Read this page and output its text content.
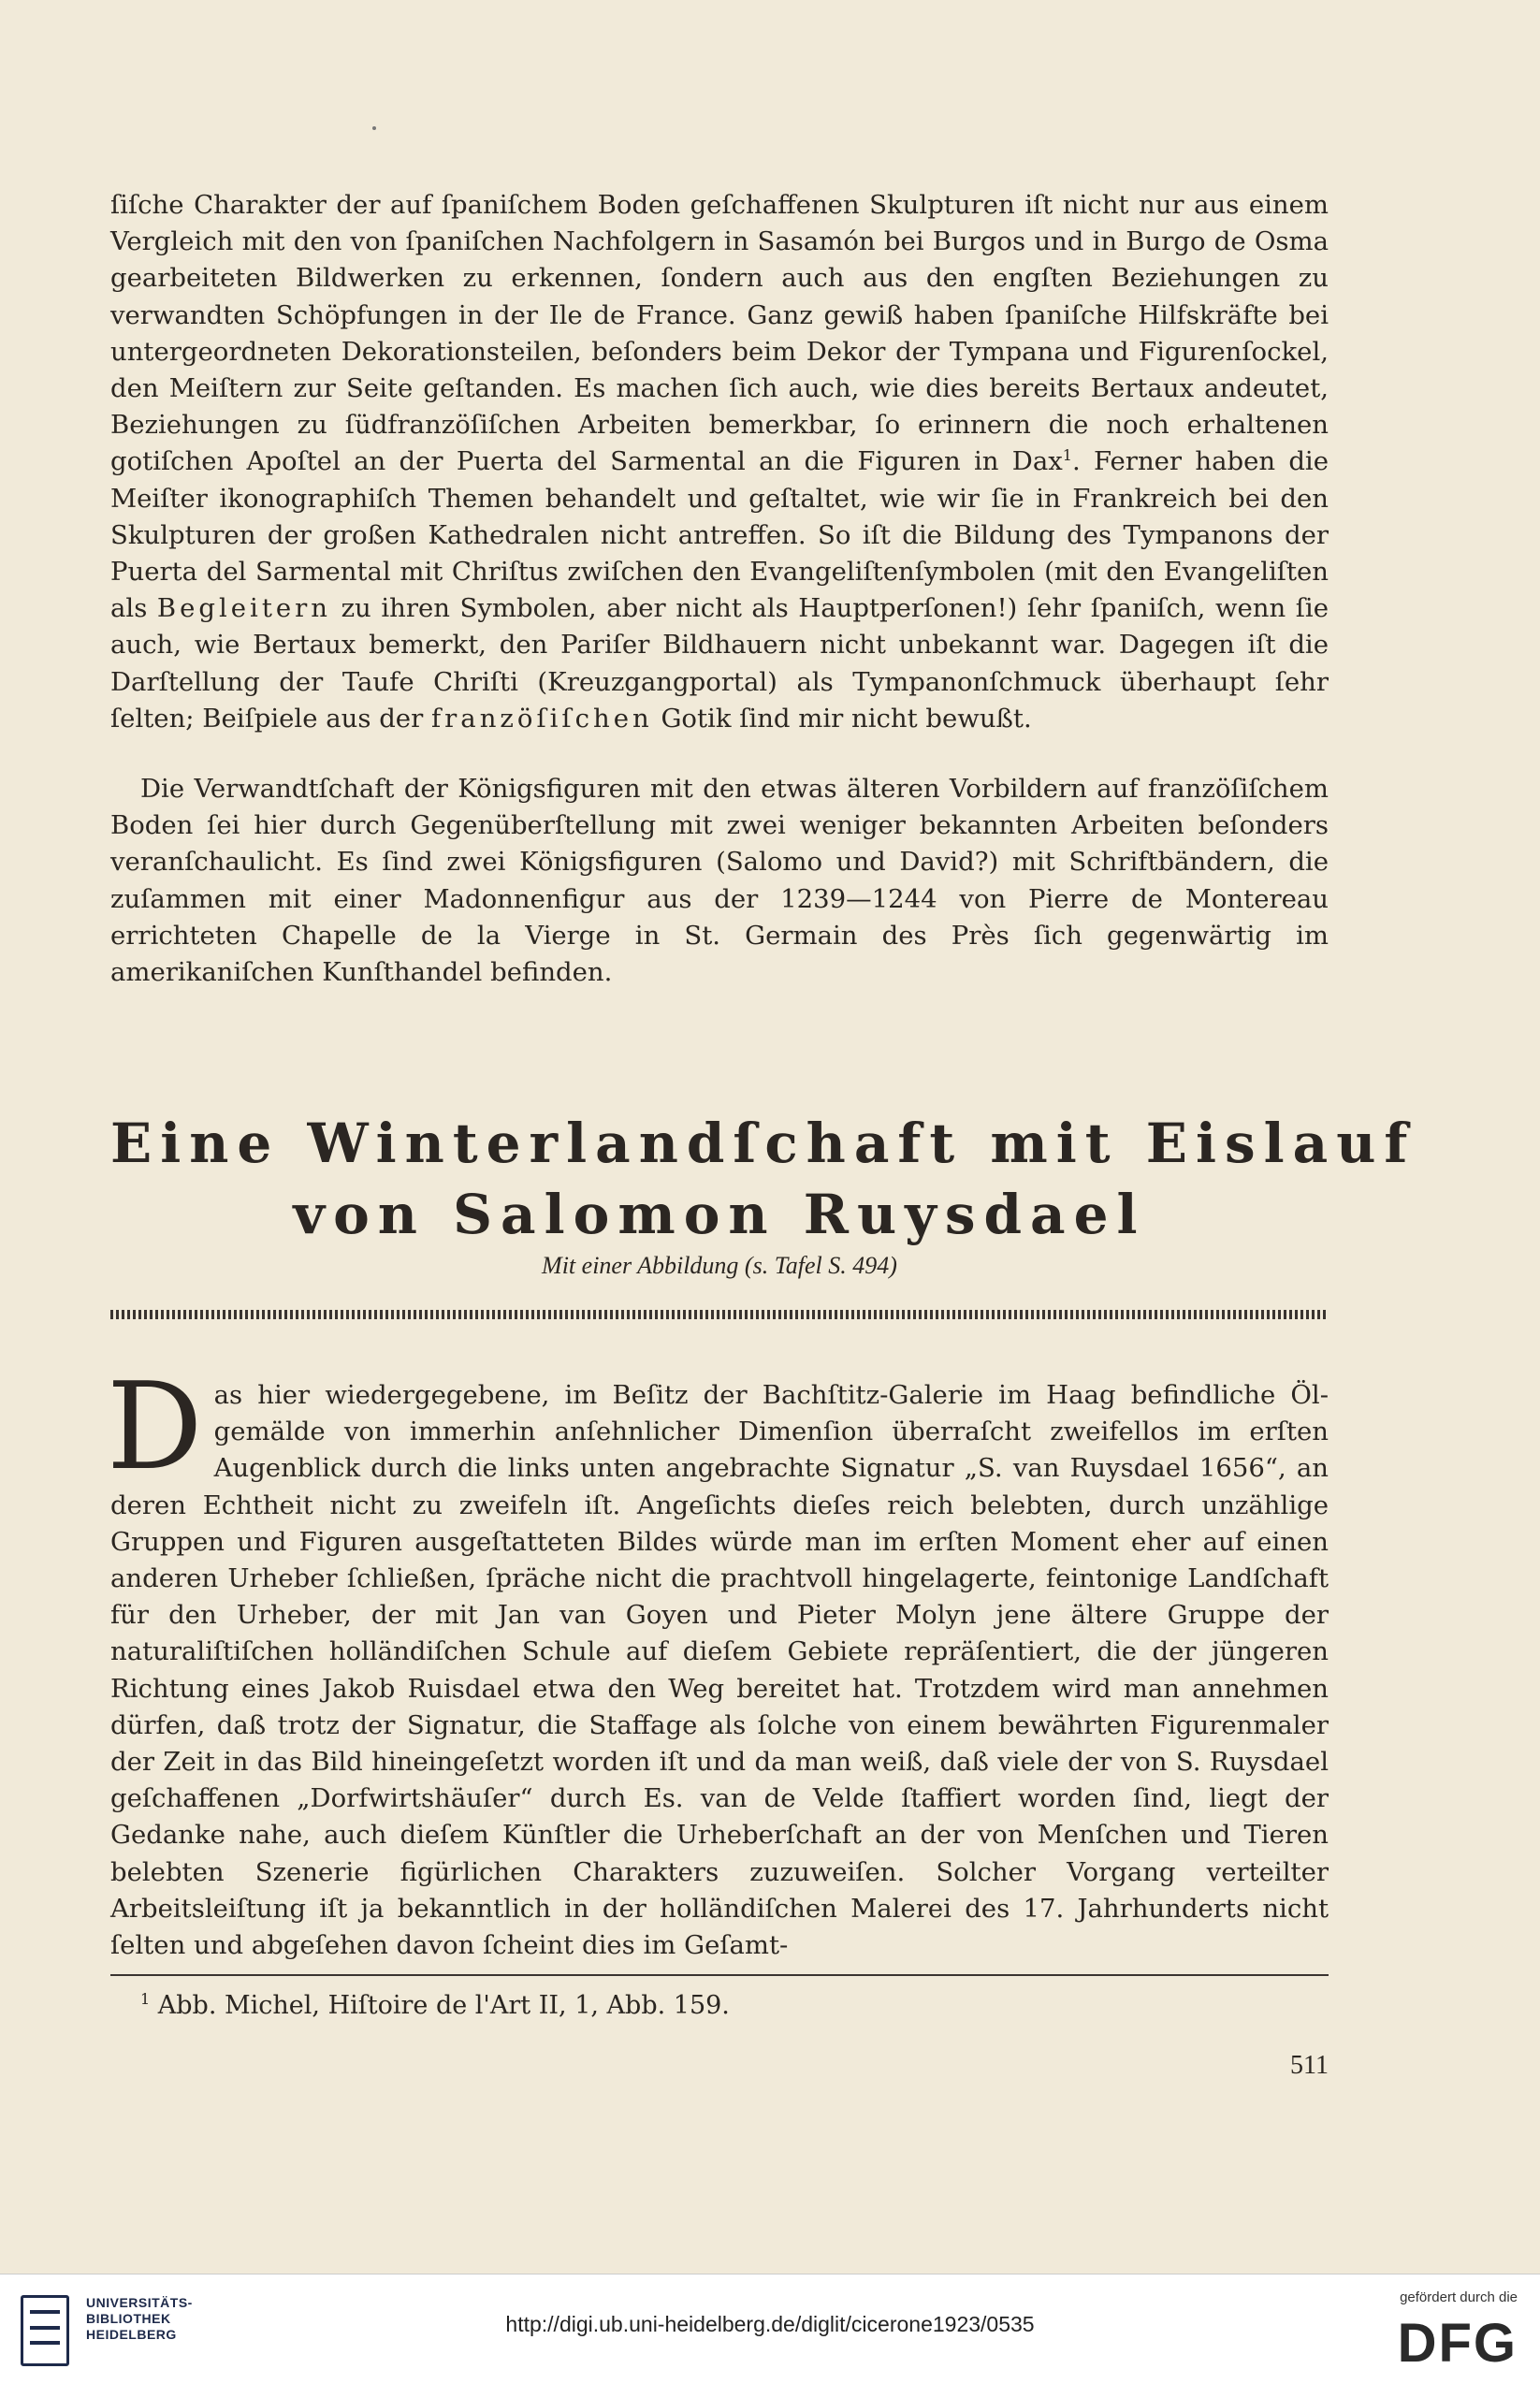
ſiſche Charakter der auf ſpaniſchem Boden geſchaffenen Skulpturen iſt nicht nur aus einem Vergleich mit den von ſpaniſchen Nachfolgern in Sasamón bei Burgos und in Burgo de Osma gearbeiteten Bildwerken zu erkennen, ſondern auch aus den engſten Beziehungen zu verwandten Schöpfungen in der Ile de France. Ganz gewiß haben ſpaniſche Hilfskräfte bei untergeordneten Dekorationsteilen, beſonders beim Dekor der Tympana und Figurenſockel, den Meiſtern zur Seite geſtanden. Es machen ſich auch, wie dies bereits Bertaux andeutet, Beziehungen zu ſüdfranzöſiſchen Arbeiten bemerkbar, ſo erinnern die noch erhaltenen gotiſchen Apoſtel an der Puerta del Sarmental an die Figuren in Dax$^1$. Ferner haben die Meiſter ikonographiſch Themen behandelt und geſtaltet, wie wir ſie in Frankreich bei den Skulpturen der großen Kathedralen nicht antreffen. So iſt die Bildung des Tympanons der Puerta del Sarmental mit Chriſtus zwiſchen den Evangeliſtenſymbolen (mit den Evangeliſten als Begleitern zu ihren Symbolen, aber nicht als Hauptperſonen!) ſehr ſpaniſch, wenn ſie auch, wie Bertaux bemerkt, den Pariſer Bildhauern nicht unbekannt war. Dagegen iſt die Darſtellung der Taufe Chriſti (Kreuzgangportal) als Tympanonſchmuck überhaupt ſehr ſelten; Beiſpiele aus der franzöſiſchen Gotik ſind mir nicht bewußt.

Die Verwandtſchaft der Königsfiguren mit den etwas älteren Vorbildern auf franzöſiſchem Boden ſei hier durch Gegenüberſtellung mit zwei weniger bekannten Arbeiten beſonders veranſchaulicht. Es ſind zwei Königsfiguren (Salomo und David?) mit Schriftbändern, die zuſammen mit einer Madonnenfigur aus der 1239—1244 von Pierre de Montereau errichteten Chapelle de la Vierge in St. Germain des Près ſich gegenwärtig im amerikaniſchen Kunſthandel befinden.

Eine Winterlandſchaft mit Eislauf
von Salomon Ruysdael
Mit einer Abbildung (s. Tafel S. 494)

Das hier wiedergegebene, im Beſitz der Bachſtitz-Galerie im Haag befindliche Ölgemälde von immerhin anſehnlicher Dimenſion überraſcht zweifellos im erſten Augenblick durch die links unten angebrachte Signatur „S. van Ruysdael 1656“, an deren Echtheit nicht zu zweifeln iſt. Angeſichts dieſes reich belebten, durch unzählige Gruppen und Figuren ausgeſtatteten Bildes würde man im erſten Moment eher auf einen anderen Urheber ſchließen, ſpräche nicht die prachtvoll hingelagerte, feintonige Landſchaft für den Urheber, der mit Jan van Goyen und Pieter Molyn jene ältere Gruppe der naturaliſtiſchen holländiſchen Schule auf dieſem Gebiete repräſentiert, die der jüngeren Richtung eines Jakob Ruisdael etwa den Weg bereitet hat. Trotzdem wird man annehmen dürfen, daß trotz der Signatur, die Staffage als ſolche von einem bewährten Figurenmaler der Zeit in das Bild hineingeſetzt worden iſt und da man weiß, daß viele der von S. Ruysdael geſchaffenen „Dorfwirtshäuſer“ durch Es. van de Velde ſtaffiert worden ſind, liegt der Gedanke nahe, auch dieſem Künſtler die Urheberſchaft an der von Menſchen und Tieren belebten Szenerie figürlichen Charakters zuzuweiſen. Solcher Vorgang verteilter Arbeitsleiſtung iſt ja bekanntlich in der holländiſchen Malerei des 17. Jahrhunderts nicht ſelten und abgeſehen davon ſcheint dies im Geſamt-

$^1$ Abb. Michel, Hiſtoire de l'Art II, 1, Abb. 159.
511
UNIVERSITÄTS-
BIBLIOTHEK
HEIDELBERG	http://digi.ub.uni-heidelberg.de/diglit/cicerone1923/0535
gefördert durch die
DFG
